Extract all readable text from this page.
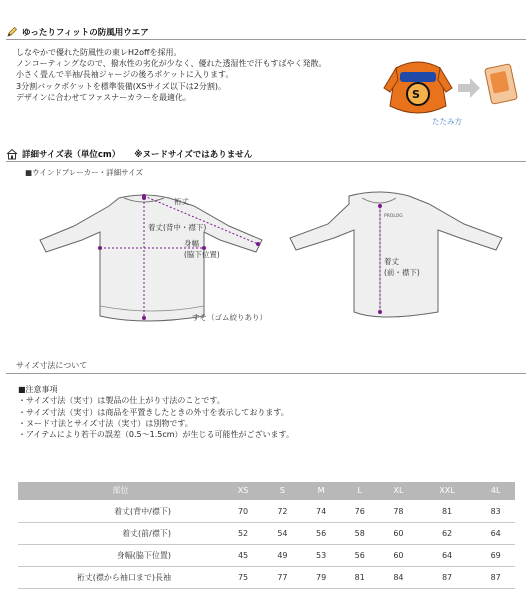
ゆったりフィットの防風用ウエア
しなやかで優れた防風性の東レH2offを採用。
ノンコーティングなので、撥水性の劣化が少なく、優れた透湿性で汗もすばやく発散。
小さく畳んで半袖/長袖ジャージの後ろポケットに入ります。
3分割バックポケットを標準装備(XSサイズ以下は2分割)。
デザインに合わせてファスナーカラーを最適化。	S
たたみ方
詳細サイズ表（単位cm） ※ヌードサイズではありません
■ウインドブレーカー・詳細サイズ
PROLOG
裄丈
着丈(背中・襟下)
身幅
(脇下位置)
すそ（ゴム絞りあり）
着丈
(前・襟下)
サイズ寸法について
■注意事項
・サイズ寸法（実寸）は製品の仕上がり寸法のことです。
・サイズ寸法（実寸）は商品を平置きしたときの外寸を表示しております。
・ヌード寸法とサイズ寸法（実寸）は別物です。
・アイテムにより若干の誤差（0.5～1.5cm）が生じる可能性がございます。
部位	XS	S	M	L	XL	XXL	4L
着丈(背中/襟下)	70	72	74	76	78	81	83
着丈(前/襟下)	52	54	56	58	60	62	64
身幅(脇下位置)	45	49	53	56	60	64	69
裄丈(襟から袖口まで)長袖	75	77	79	81	84	87	87
